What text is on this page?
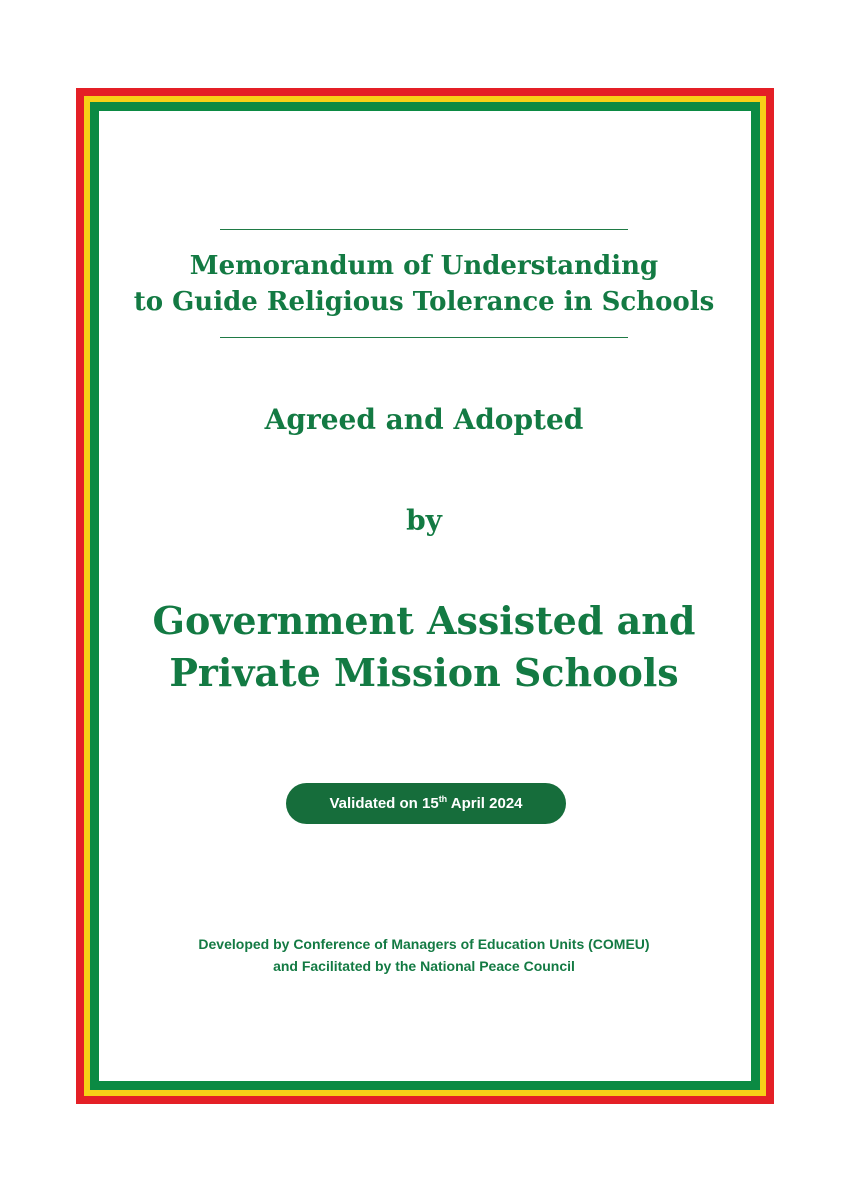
Memorandum of Understanding
to Guide Religious Tolerance in Schools

Agreed and Adopted

by

Government Assisted and
Private Mission Schools
Validated on 15th April 2024

Developed by Conference of Managers of Education Units (COMEU)
and Facilitated by the National Peace Council
